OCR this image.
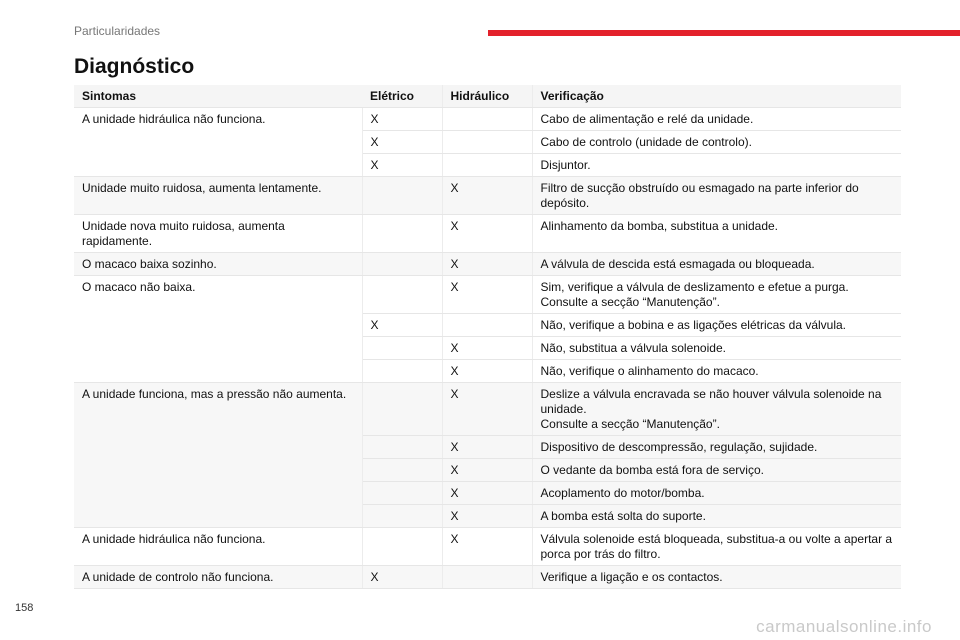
Particularidades
Diagnóstico
Sintomas	Elétrico	Hidráulico	Verificação
A unidade hidráulica não funciona.	X		Cabo de alimentação e relé da unidade.
	X		Cabo de controlo (unidade de controlo).
	X		Disjuntor.
Unidade muito ruidosa, aumenta lentamente.		X	Filtro de sucção obstruído ou esmagado na parte inferior do depósito.
Unidade nova muito ruidosa, aumenta rapidamente.		X	Alinhamento da bomba, substitua a unidade.
O macaco baixa sozinho.		X	A válvula de descida está esmagada ou bloqueada.
O macaco não baixa.		X	Sim, verifique a válvula de deslizamento e efetue a purga.
Consulte a secção “Manutenção”.
	X		Não, verifique a bobina e as ligações elétricas da válvula.
		X	Não, substitua a válvula solenoide.
		X	Não, verifique o alinhamento do macaco.
A unidade funciona, mas a pressão não aumenta.		X	Deslize a válvula encravada se não houver válvula solenoide na unidade.
Consulte a secção “Manutenção”.
		X	Dispositivo de descompressão, regulação, sujidade.
		X	O vedante da bomba está fora de serviço.
		X	Acoplamento do motor/bomba.
		X	A bomba está solta do suporte.
A unidade hidráulica não funciona.		X	Válvula solenoide está bloqueada, substitua-a ou volte a apertar a porca por trás do filtro.
A unidade de controlo não funciona.	X		Verifique a ligação e os contactos.
158
carmanualsonline.info
